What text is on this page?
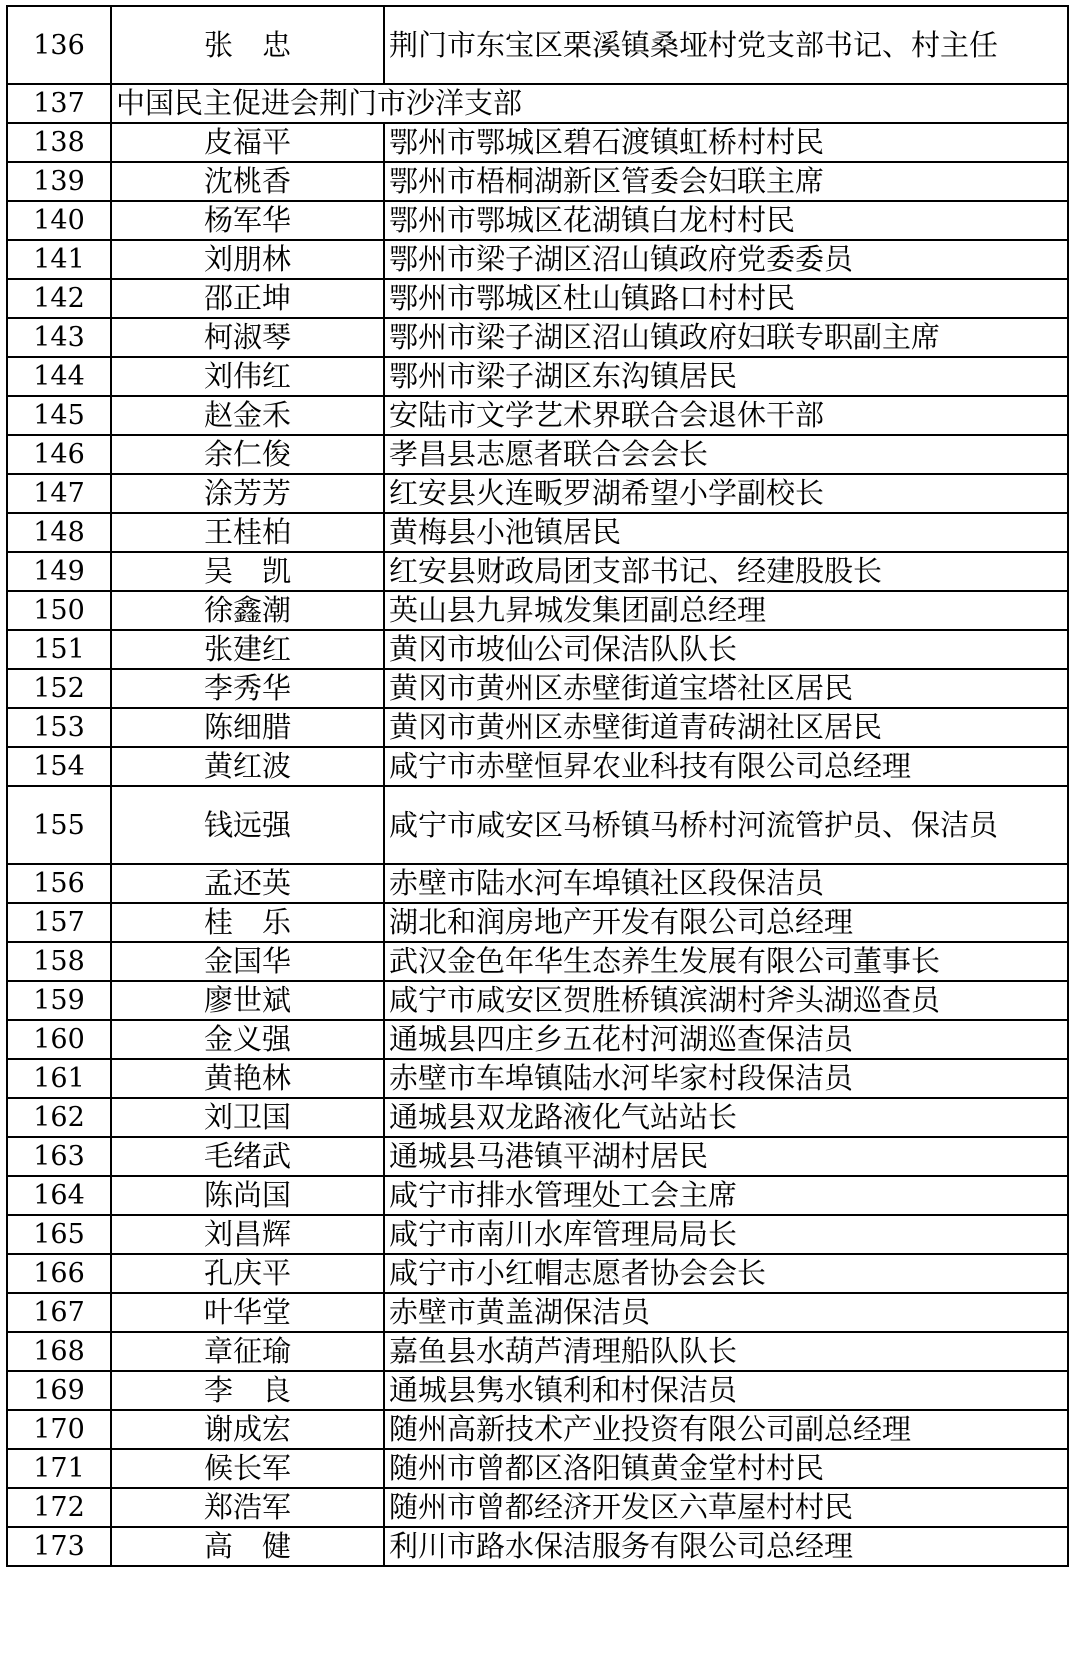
136	张　忠	荆门市东宝区栗溪镇桑垭村党支部书记、村主任
137	中国民主促进会荆门市沙洋支部	
138	皮福平	鄂州市鄂城区碧石渡镇虹桥村村民
139	沈桃香	鄂州市梧桐湖新区管委会妇联主席
140	杨军华	鄂州市鄂城区花湖镇白龙村村民
141	刘朋林	鄂州市梁子湖区沼山镇政府党委委员
142	邵正坤	鄂州市鄂城区杜山镇路口村村民
143	柯淑琴	鄂州市梁子湖区沼山镇政府妇联专职副主席
144	刘伟红	鄂州市梁子湖区东沟镇居民
145	赵金禾	安陆市文学艺术界联合会退休干部
146	余仁俊	孝昌县志愿者联合会会长
147	涂芳芳	红安县火连畈罗湖希望小学副校长
148	王桂柏	黄梅县小池镇居民
149	吴　凯	红安县财政局团支部书记、经建股股长
150	徐鑫潮	英山县九昇城发集团副总经理
151	张建红	黄冈市坡仙公司保洁队队长
152	李秀华	黄冈市黄州区赤壁街道宝塔社区居民
153	陈细腊	黄冈市黄州区赤壁街道青砖湖社区居民
154	黄红波	咸宁市赤壁恒昇农业科技有限公司总经理
155	钱远强	咸宁市咸安区马桥镇马桥村河流管护员、保洁员
156	孟还英	赤壁市陆水河车埠镇社区段保洁员
157	桂　乐	湖北和润房地产开发有限公司总经理
158	金国华	武汉金色年华生态养生发展有限公司董事长
159	廖世斌	咸宁市咸安区贺胜桥镇滨湖村斧头湖巡查员
160	金义强	通城县四庄乡五花村河湖巡查保洁员
161	黄艳林	赤壁市车埠镇陆水河毕家村段保洁员
162	刘卫国	通城县双龙路液化气站站长
163	毛绪武	通城县马港镇平湖村居民
164	陈尚国	咸宁市排水管理处工会主席
165	刘昌辉	咸宁市南川水库管理局局长
166	孔庆平	咸宁市小红帽志愿者协会会长
167	叶华堂	赤壁市黄盖湖保洁员
168	章征瑜	嘉鱼县水葫芦清理船队队长
169	李　良	通城县隽水镇利和村保洁员
170	谢成宏	随州高新技术产业投资有限公司副总经理
171	候长军	随州市曾都区洛阳镇黄金堂村村民
172	郑浩军	随州市曾都经济开发区六草屋村村民
173	高　健	利川市路水保洁服务有限公司总经理
